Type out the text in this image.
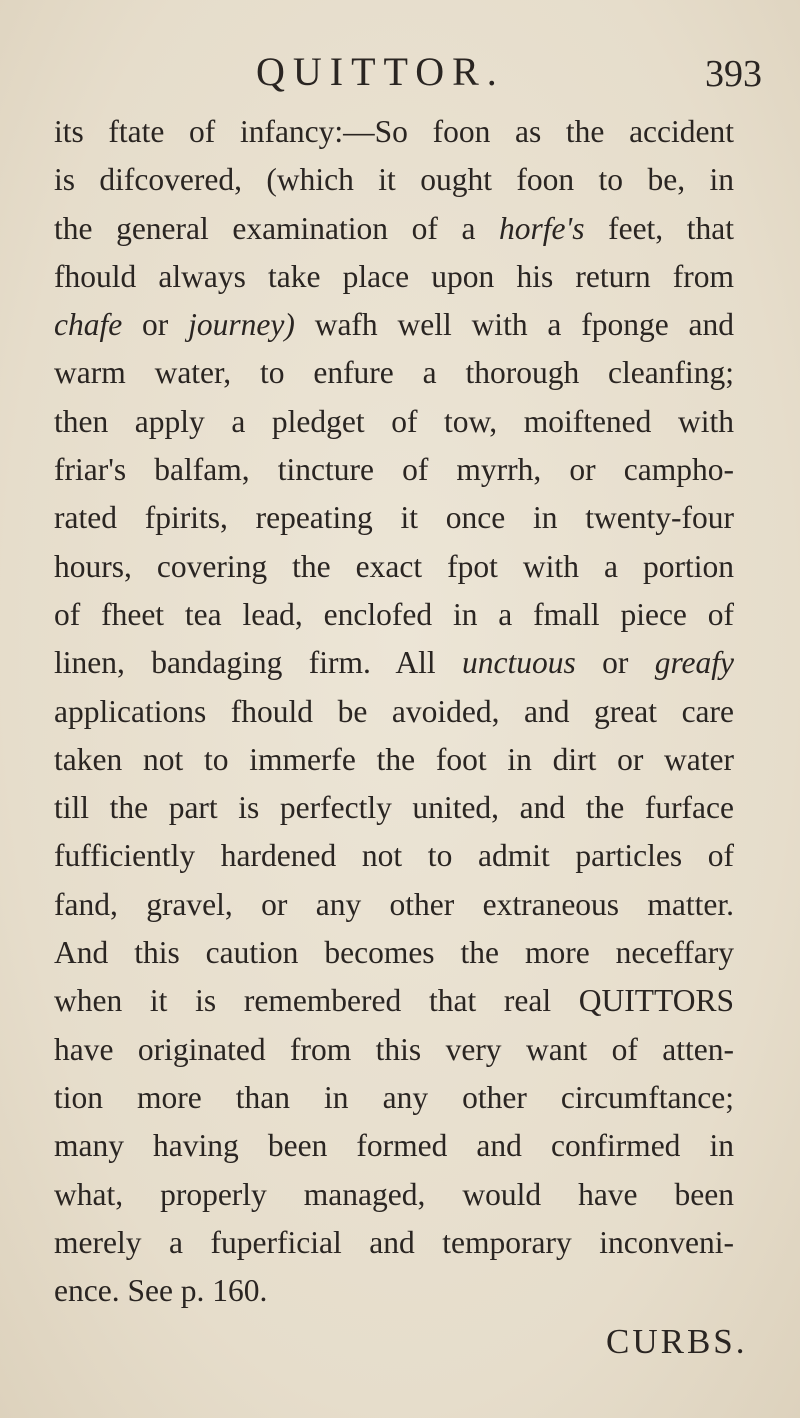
QUITTOR.	393
its ftate of infancy:—So foon as the accident
is difcovered, (which it ought foon to be, in
the general examination of a horfe's feet, that
fhould always take place upon his return from
chafe or journey) wafh well with a fponge and
warm water, to enfure a thorough cleanfing;
then apply a pledget of tow, moiftened with
friar's balfam, tincture of myrrh, or campho-
rated fpirits, repeating it once in twenty-four
hours, covering the exact fpot with a portion
of fheet tea lead, enclofed in a fmall piece of
linen, bandaging firm. All unctuous or greafy
applications fhould be avoided, and great care
taken not to immerfe the foot in dirt or water
till the part is perfectly united, and the furface
fufficiently hardened not to admit particles of
fand, gravel, or any other extraneous matter.
And this caution becomes the more neceffary
when it is remembered that real QUITTORS
have originated from this very want of atten-
tion more than in any other circumftance;
many having been formed and confirmed in
what, properly managed, would have been
merely a fuperficial and temporary inconveni-
ence. See p. 160.
CURBS.
